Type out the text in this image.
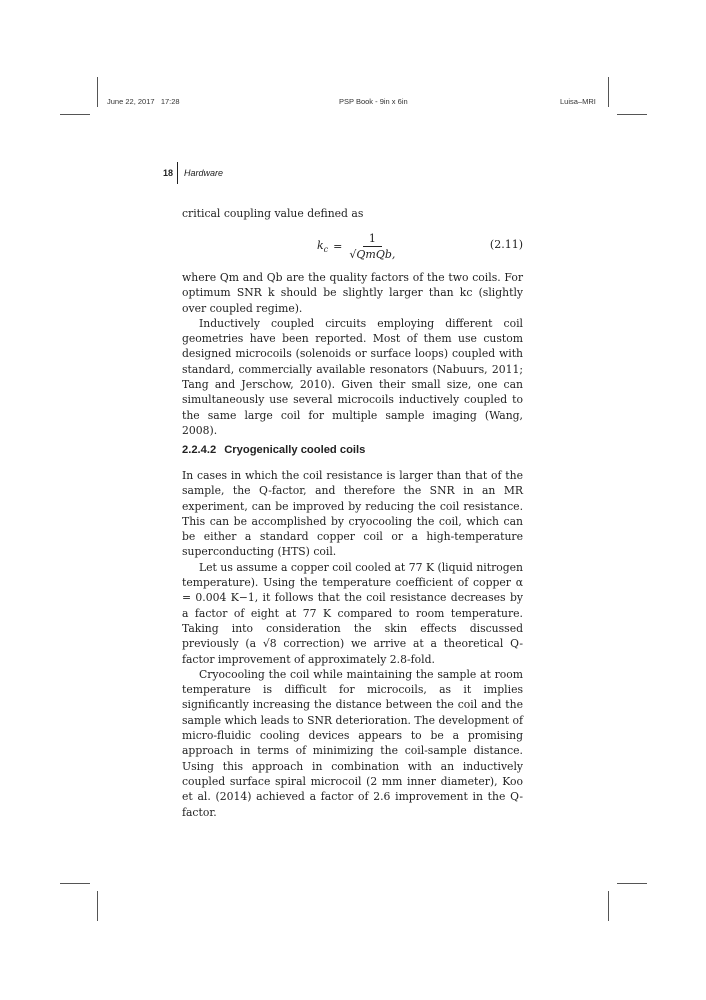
June 22, 2017 17:28	PSP Book - 9in x 6in	Luisa–MRI
18	Hardware

critical coupling value defined as

$k_c = \frac{1}{\text{√QmQb,}}$	(2.11)

where Qm and Qb are the quality factors of the two coils. For optimum SNR k should be slightly larger than kc (slightly over coupled regime).

Inductively coupled circuits employing different coil geometries have been reported. Most of them use custom designed microcoils (solenoids or surface loops) coupled with standard, commercially available resonators (Nabuurs, 2011; Tang and Jerschow, 2010). Given their small size, one can simultaneously use several microcoils inductively coupled to the same large coil for multiple sample imaging (Wang, 2008).

2.2.4.2 Cryogenically cooled coils

In cases in which the coil resistance is larger than that of the sample, the Q-factor, and therefore the SNR in an MR experiment, can be improved by reducing the coil resistance. This can be accomplished by cryocooling the coil, which can be either a standard copper coil or a high-temperature superconducting (HTS) coil.

Let us assume a copper coil cooled at 77 K (liquid nitrogen temperature). Using the temperature coefficient of copper α = 0.004 K−1, it follows that the coil resistance decreases by a factor of eight at 77 K compared to room temperature. Taking into consideration the skin effects discussed previously (a √8 correction) we arrive at a theoretical Q-factor improvement of approximately 2.8-fold.

Cryocooling the coil while maintaining the sample at room temperature is difficult for microcoils, as it implies significantly increasing the distance between the coil and the sample which leads to SNR deterioration. The development of micro-fluidic cooling devices appears to be a promising approach in terms of minimizing the coil-sample distance. Using this approach in combination with an inductively coupled surface spiral microcoil (2 mm inner diameter), Koo et al. (2014) achieved a factor of 2.6 improvement in the Q-factor.
